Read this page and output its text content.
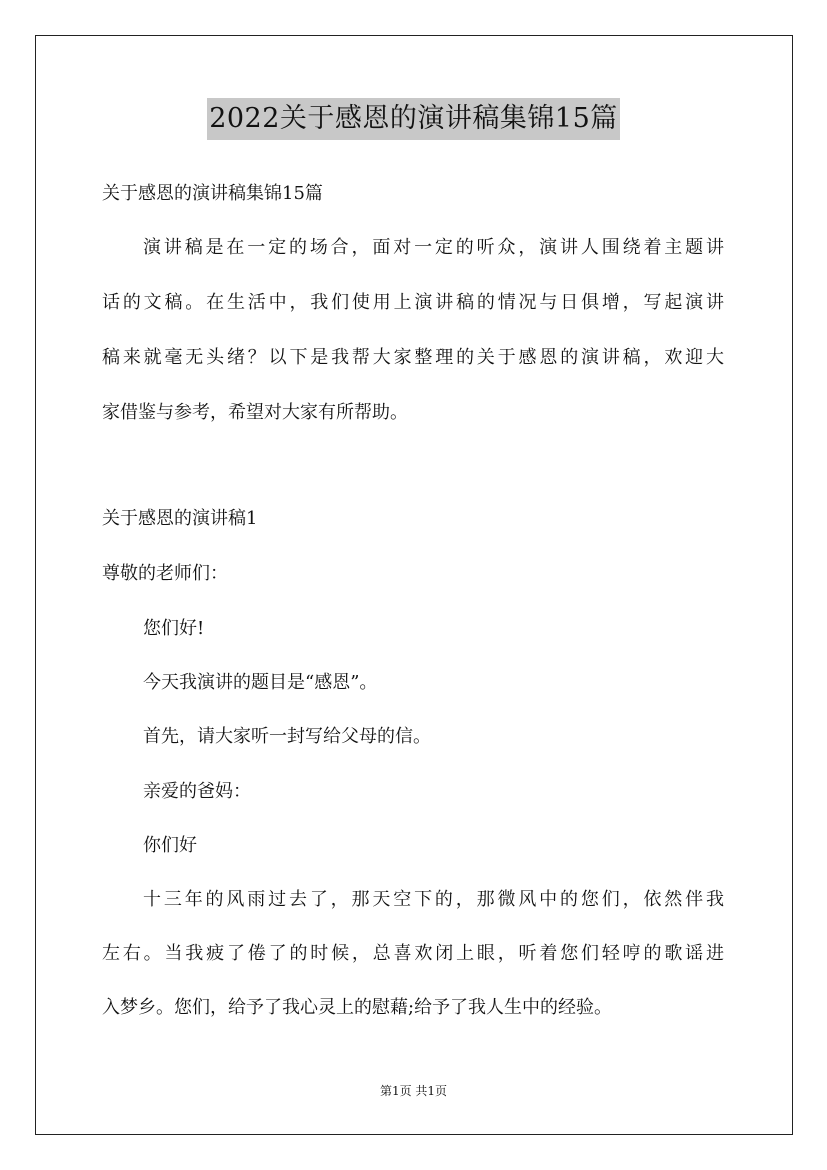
2022关于感恩的演讲稿集锦15篇
关于感恩的演讲稿集锦15篇
演讲稿是在一定的场合，面对一定的听众，演讲人围绕着主题讲
话的文稿。在生活中，我们使用上演讲稿的情况与日俱增，写起演讲
稿来就毫无头绪？以下是我帮大家整理的关于感恩的演讲稿，欢迎大
家借鉴与参考，希望对大家有所帮助。
关于感恩的演讲稿1
尊敬的老师们：
您们好!
今天我演讲的题目是“感恩”。
首先，请大家听一封写给父母的信。
亲爱的爸妈：
你们好
十三年的风雨过去了，那天空下的，那微风中的您们，依然伴我
左右。当我疲了倦了的时候，总喜欢闭上眼，听着您们轻哼的歌谣进
入梦乡。您们，给予了我心灵上的慰藉;给予了我人生中的经验。
第1页 共1页
